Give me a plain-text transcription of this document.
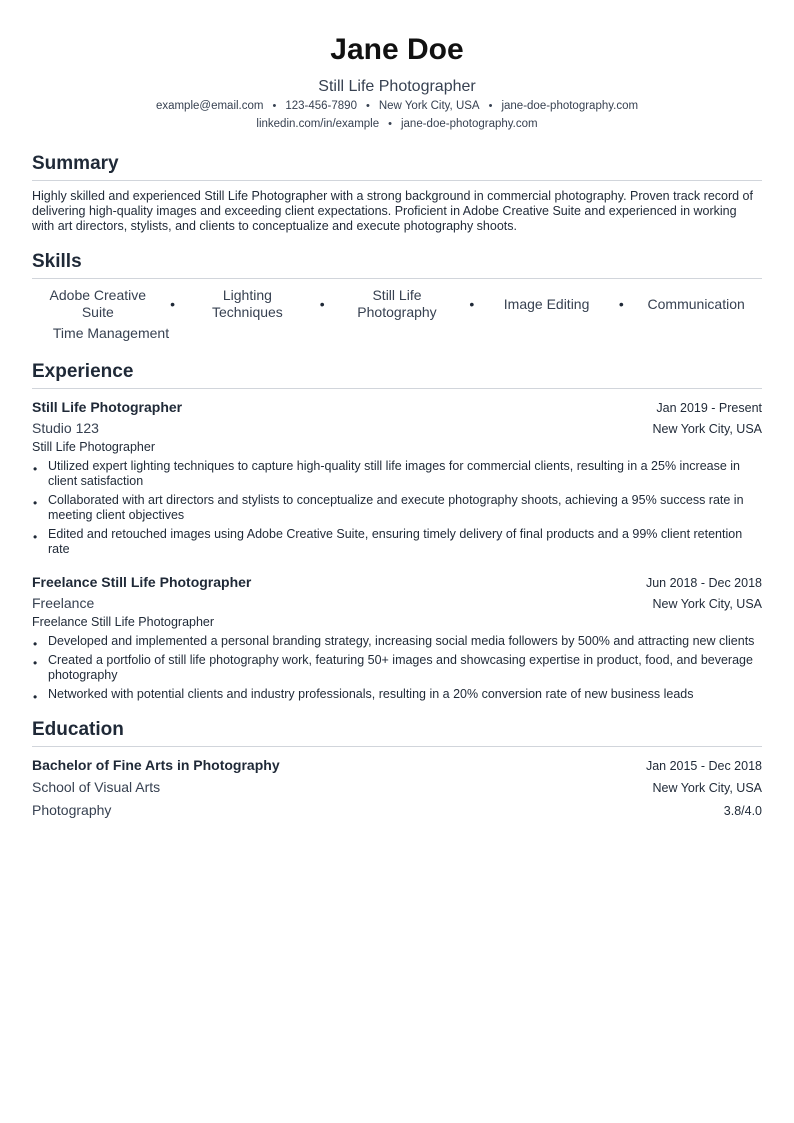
Jane Doe
Still Life Photographer
example@email.com • 123-456-7890 • New York City, USA • jane-doe-photography.com
linkedin.com/in/example • jane-doe-photography.com
Summary
Highly skilled and experienced Still Life Photographer with a strong background in commercial photography. Proven track record of delivering high-quality images and exceeding client expectations. Proficient in Adobe Creative Suite and experienced in working with art directors, stylists, and clients to conceptualize and execute photography shoots.
Skills
Adobe Creative Suite	•
Lighting Techniques	•
Still Life Photography	•	Image Editing	•	Communication
Time Management
Experience
Still Life Photographer	Jan 2019 - Present
Studio 123	New York City, USA
Still Life Photographer
• Utilized expert lighting techniques to capture high-quality still life images for commercial clients, resulting in a 25% increase in client satisfaction
• Collaborated with art directors and stylists to conceptualize and execute photography shoots, achieving a 95% success rate in meeting client objectives
• Edited and retouched images using Adobe Creative Suite, ensuring timely delivery of final products and a 99% client retention rate
Freelance Still Life Photographer	Jun 2018 - Dec 2018
Freelance	New York City, USA
Freelance Still Life Photographer
• Developed and implemented a personal branding strategy, increasing social media followers by 500% and attracting new clients
• Created a portfolio of still life photography work, featuring 50+ images and showcasing expertise in product, food, and beverage photography
• Networked with potential clients and industry professionals, resulting in a 20% conversion rate of new business leads
Education
Bachelor of Fine Arts in Photography	Jan 2015 - Dec 2018
School of Visual Arts	New York City, USA
Photography	3.8/4.0
